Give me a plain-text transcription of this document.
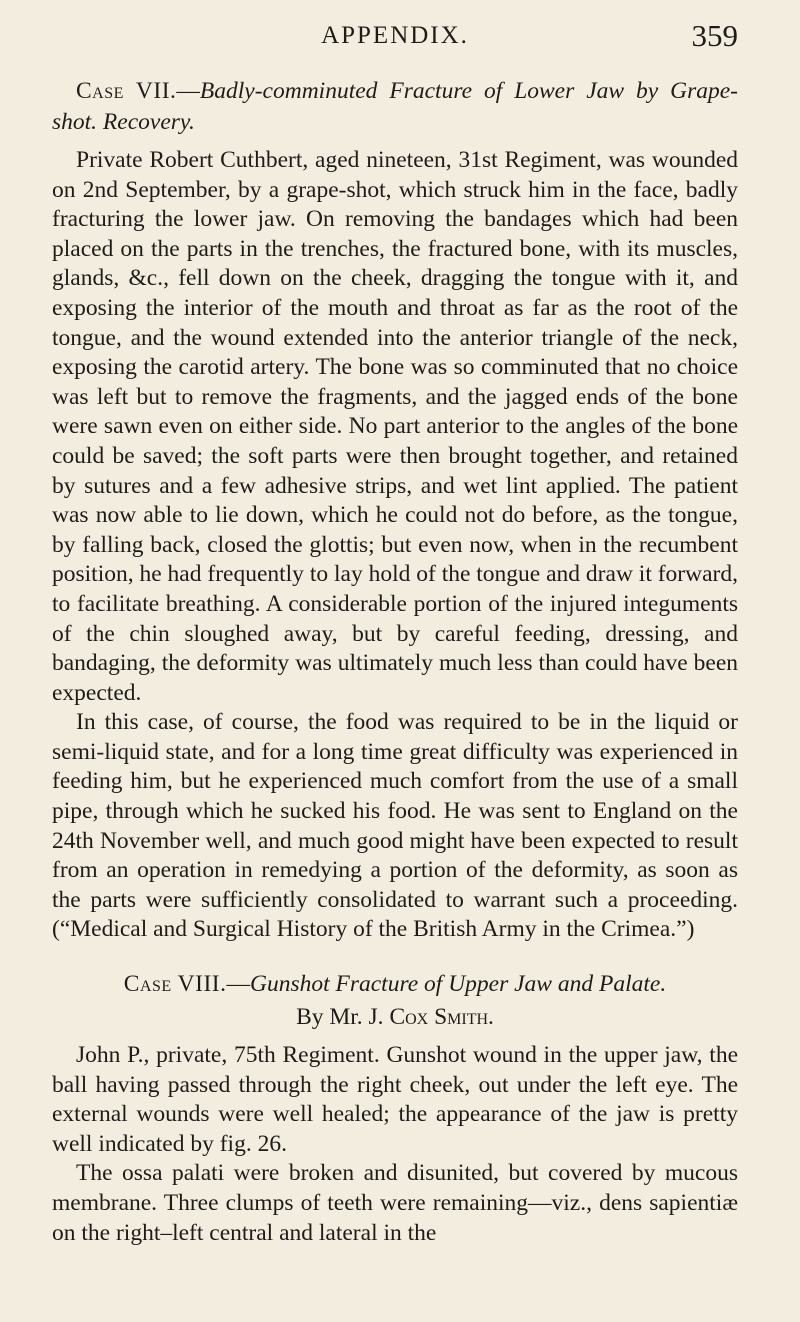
APPENDIX.	359
Case VII.—Badly-comminuted Fracture of Lower Jaw by Grape-shot. Recovery.

Private Robert Cuthbert, aged nineteen, 31st Regiment, was wounded on 2nd September, by a grape-shot, which struck him in the face, badly fracturing the lower jaw. On removing the bandages which had been placed on the parts in the trenches, the fractured bone, with its muscles, glands, &c., fell down on the cheek, dragging the tongue with it, and exposing the interior of the mouth and throat as far as the root of the tongue, and the wound extended into the anterior triangle of the neck, exposing the carotid artery. The bone was so comminuted that no choice was left but to remove the fragments, and the jagged ends of the bone were sawn even on either side. No part anterior to the angles of the bone could be saved; the soft parts were then brought together, and retained by sutures and a few adhesive strips, and wet lint applied. The patient was now able to lie down, which he could not do before, as the tongue, by falling back, closed the glottis; but even now, when in the recumbent position, he had frequently to lay hold of the tongue and draw it forward, to facilitate breathing. A considerable portion of the injured integuments of the chin sloughed away, but by careful feeding, dressing, and bandaging, the deformity was ultimately much less than could have been expected.

In this case, of course, the food was required to be in the liquid or semi-liquid state, and for a long time great difficulty was experienced in feeding him, but he experienced much comfort from the use of a small pipe, through which he sucked his food. He was sent to England on the 24th November well, and much good might have been expected to result from an operation in remedying a portion of the deformity, as soon as the parts were sufficiently consolidated to warrant such a proceeding. (“Medical and Surgical History of the British Army in the Crimea.”)

Case VIII.—Gunshot Fracture of Upper Jaw and Palate.
By Mr. J. Cox Smith.

John P., private, 75th Regiment. Gunshot wound in the upper jaw, the ball having passed through the right cheek, out under the left eye. The external wounds were well healed; the appearance of the jaw is pretty well indicated by fig. 26.

The ossa palati were broken and disunited, but covered by mucous membrane. Three clumps of teeth were remaining—viz., dens sapientiæ on the right–left central and lateral in the
